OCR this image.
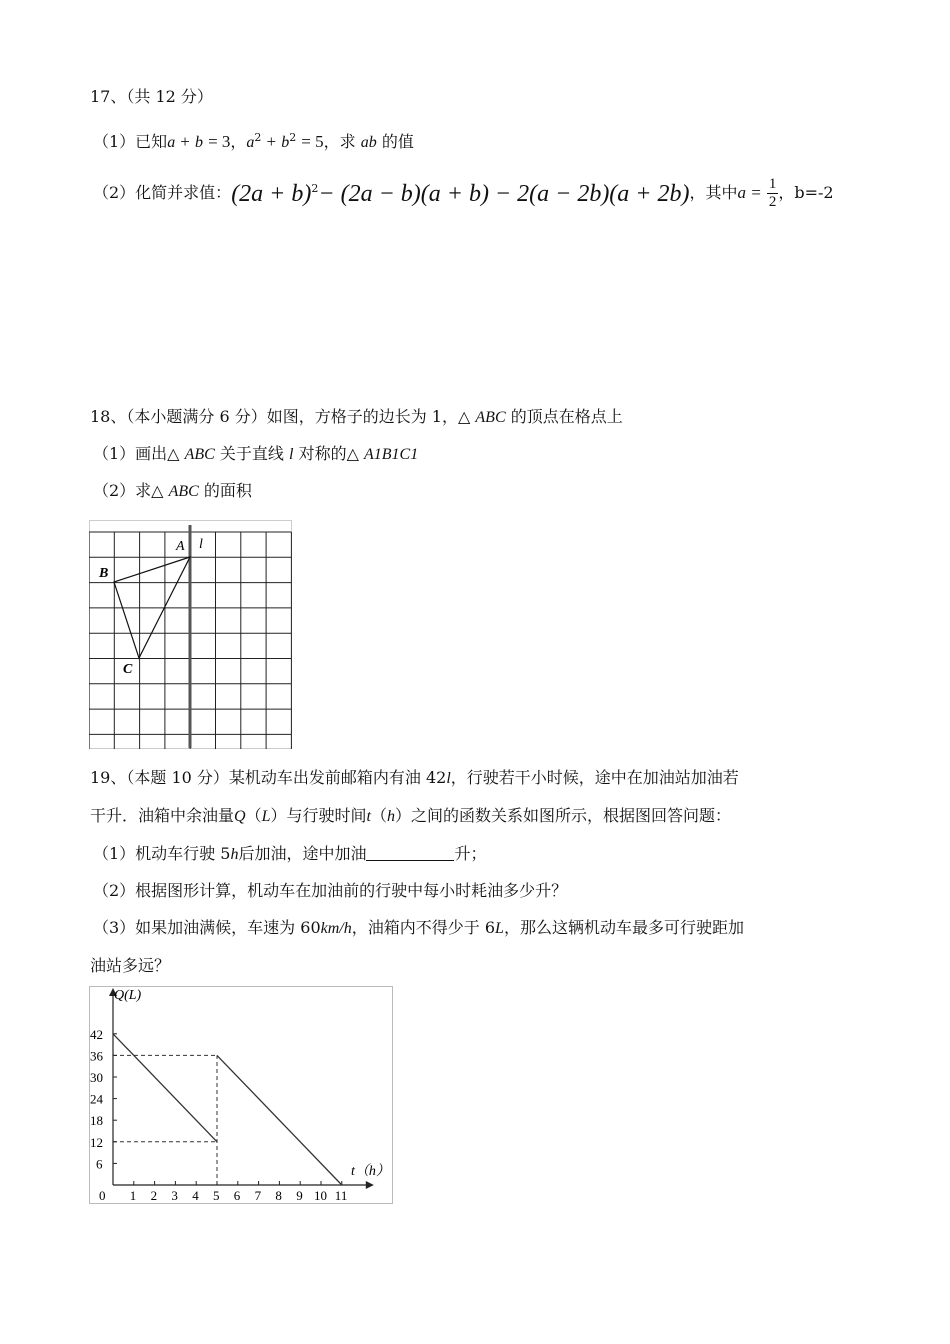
17、（共 12 分）
（1）已知a + b = 3，$a^2 + b^2 = 5$，求 ab 的值
（2）化简并求值：$(2a + b)^2- (2a - b)(a + b) - 2(a - 2b)(a + 2b)$，其中$a = \frac{1}{2}$ ，b=-2
18、（本小题满分 6 分）如图，方格子的边长为 1，△ ABC 的顶点在格点上
（1）画出△ ABC 关于直线 l 对称的△ A1B1C1
（2）求△ ABC 的面积
A l
B
C
19、（本题 10 分）某机动车出发前邮箱内有油 42l，行驶若干小时候，途中在加油站加油若
干升．油箱中余油量Q（L）与行驶时间t（h）之间的函数关系如图所示，根据图回答问题：
（1）机动车行驶 5h后加油，途中加油	升；
（2）根据图形计算，机动车在加油前的行驶中每小时耗油多少升？
（3）如果加油满候，车速为 60km/h，油箱内不得少于 6L，那么这辆机动车最多可行驶距加
油站多远？
0 1 2 3 4 5 6 7 8 9 10 11
6
12
18
24
30
36
42
Q(L)
t（h）
